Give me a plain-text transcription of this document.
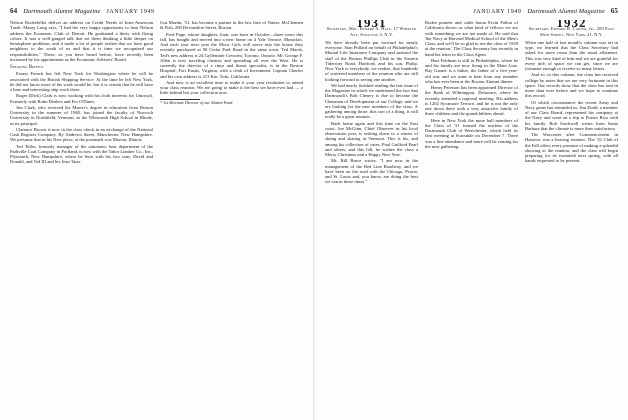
64 Dartmouth Alumni Magazine JANUARY 1949

Nelson Rockefeller deliver an address on Credit Needs of Inter-American Trade. Maury Long says, "I had the very happy opportunity to hear Nelson address the Economic Club of Detroit. He graduated a thirty with flying colors. It was a well-gauged talk that set them thinking a little deeper on hemisphere problems, and it made a lot of people realize that we have good neighbors to the south of us and that it is time we recognized our responsibilities." These, as you have heard before, have recently been increased by his appointment as the Economic Advisers' Board.

Speaking Briefly

Ernest French has left New York for Washington where he will be associated with the British Shipping Service. At the time he left New York, he did not know more of his work would be, but it is certain that he will have a base and interesting ship work there.

Roger (Dick) Clark is now working with his cloth interests for Uniroyal. Formerly with Bohn Dealers and For O'Dines.

Jim Clark, who received his Master's degree in education from Boston University in the summer of 1948, has joined the faculty of Norwich University in Northfield, Vermont, as the Whitcomb High School in Rhode, as its principal.

Clarence Brown is now in the class check in an exchange of the National Cash Register Company. By Andrews Street, Manchester, New Hampshire. We presume that in his New place, at the postmark was Marion, Illinois.

Ted Teller, formerly manager of the automatic heat department of the Parkville Coal Company in Portland, is now with the Tabor Lumber Co., Inc., Plymouth, New Hampshire, where he lives with his two sons, David and Donald, and Ted III and his Jean Tatar.

Gus Martin, '31, has become a partner in the law firm of Nutter, McClennen & Fish, 200 Devonshire Street, Boston.

Fred Page, whose daughter, Joan, was born in October—three years this fall, has bought and moved into a new home on 4 Yale Terrace, Montclair. And each year next year the Moor Girls will move into the house they recently purchased at 90 Cedar Park Road in the same town. Ted Marsh, Ted's new address is 24 Gyllenside Crescent, Toronto, Ontario. Mr. George F. Allen is now traveling chemist and spreading all over the West. He is currently the director of a rinse and throat specialist, is in the Boston Hospital, Fort Eustis, Virginia, with a clerk of Investment. Captain Charles and his own address is 213 Kin, Tufu, California.

And now is an excellent time to make it your year resolution to attend your class reunion. We are going to make it the best we have ever had — a little behind but your collection now.

* 1st Alternate Director of our Alumni Fund.
JANUARY 1949 Dartmouth Alumni Magazine 65
1931
Secretary, Mrs. Edward A. Hale, 17 Wheeler Ave, Syracuse 3, N.Y.

We have already been put forward for nearly everyone. Stan Pollard on behalf of Philadelphia's Mutual Life Insurance Company and assisted the staff of the Boston Phillips Club in the Eastern Tiderway Road, Hartford; and his son, Philip. New York is everybody, we realize, that hundreds of scattered members of the reunion who are still looking forward to seeing one another.

We had nearly finished reading the last issue of the Magazine in which we mentioned the fact that Dartmouth's Bob Cheney is due to become the Chairman of Development of our College, and we are looking for the new members of the class. A gathering among those, this sort of a thing, it will really be a great reunion.

Back home again and this time on the East coast, Joe McGinn, Chief Observer in his local observation post, is settling down to a winter of skiing and skating in Vermont. This is his, and among his collection of cases, Paul Guilford Pearl and others, and this fall, he wishes the class a Merry Christmas and a Happy New Year.

Mr. Bill Bruce writes, "I am now in the management of the Red Line Roadway, and we have been on the road with the Chicago, Peoria, and St. Louis and, you know, are doing the best we can in these times."

Rodeo pioneer and cattle baron Ervin Fallon of California shows us what kind of fellows we are with something we are not made of. He said that 'the Navy at Harvard Medical School of the Men's Class, and we'll be so glad to see the class of 1939 at the reunion.' The Class Secretary has recently in hand his letter to the Class Agent.

Burt Feldman is still in Philadelphia, where he and his family are now living in the Main Line. Ray Garner is a father, the father of a five-year-old son, and we want to hear from any member who has ever been at the Boston Alumni dinner.

Henry Peterson has been appointed Director of the Bank of Wilmington, Delaware, where he recently attended a regional meeting. His address is 1202 Sycamore Terrace, and he is not the only one down there with a very attractive family of three children and the grandchildren ahead.

Here in New York the more ball members of the Class of '31 formed the nucleus of the Dartmouth Club of Westchester, which held its first meeting at Scarsdale on December 7. There was a fine attendance and more will be coming for the next gathering.

1932
Secretary, Edward R. Carter, Jr., 200 East 66th Street, New York 21, N.Y.

When one half of last month's column was set in type, we learned that the Class Secretary had asked for more room than the usual allotment. This was very kind of him and we are grateful for every inch of space we can get, since we are fortunate enough to receive so many letters.

And so, in this column, the class has received college by notes that we are very fortunate in this space. Our records show that the class has sent in more than ever before and we hope to continue this record.

Of which circumstance the recent Army and Navy game has reminded us. Jim Dodd, a member of our Class Board, represented his company at the Navy and went on a trip to Puerto Rico with his family. Bob Stockwell writes from Santa Barbara that the climate is more than satisfactory.

The Worcester after Commencement in Hanover was a bracing reunion. The '32 Club of the Fall offers every promise of making a splendid showing at the reunion, and the class will begin preparing for its twentieth next spring, with all hands requested to be present.
